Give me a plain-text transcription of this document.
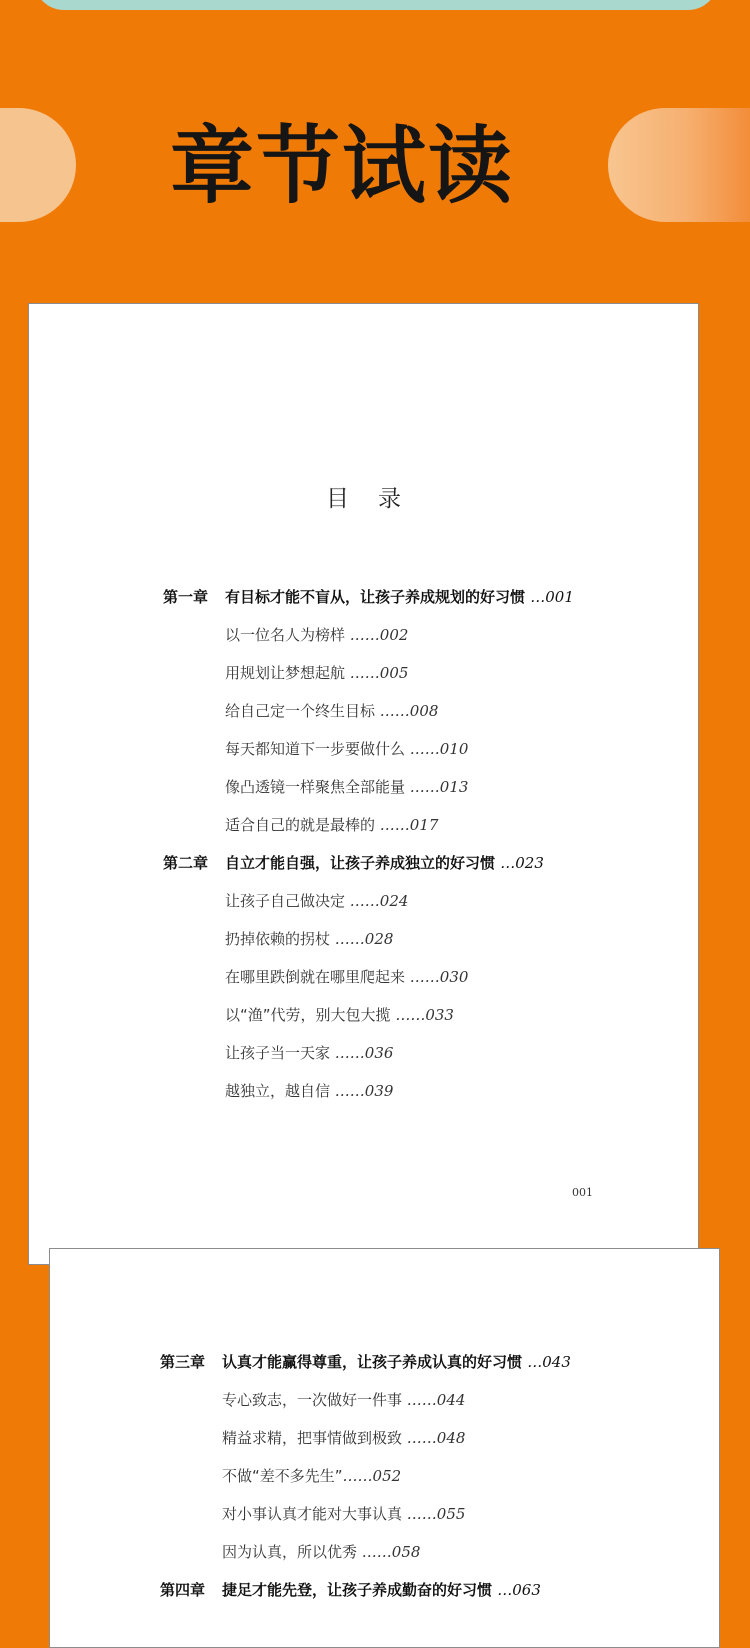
章节试读
目 录
第一章 有目标才能不盲从，让孩子养成规划的好习惯 …001
以一位名人为榜样 ……002
用规划让梦想起航 ……005
给自己定一个终生目标 ……008
每天都知道下一步要做什么 ……010
像凸透镜一样聚焦全部能量 ……013
适合自己的就是最棒的 ……017
第二章 自立才能自强，让孩子养成独立的好习惯 …023
让孩子自己做决定 ……024
扔掉依赖的拐杖 ……028
在哪里跌倒就在哪里爬起来 ……030
以“渔”代劳，别大包大揽 ……033
让孩子当一天家 ……036
越独立，越自信 ……039
001
第三章 认真才能赢得尊重，让孩子养成认真的好习惯 …043
专心致志，一次做好一件事 ……044
精益求精，把事情做到极致 ……048
不做“差不多先生”……052
对小事认真才能对大事认真 ……055
因为认真，所以优秀 ……058
第四章 捷足才能先登，让孩子养成勤奋的好习惯 …063
